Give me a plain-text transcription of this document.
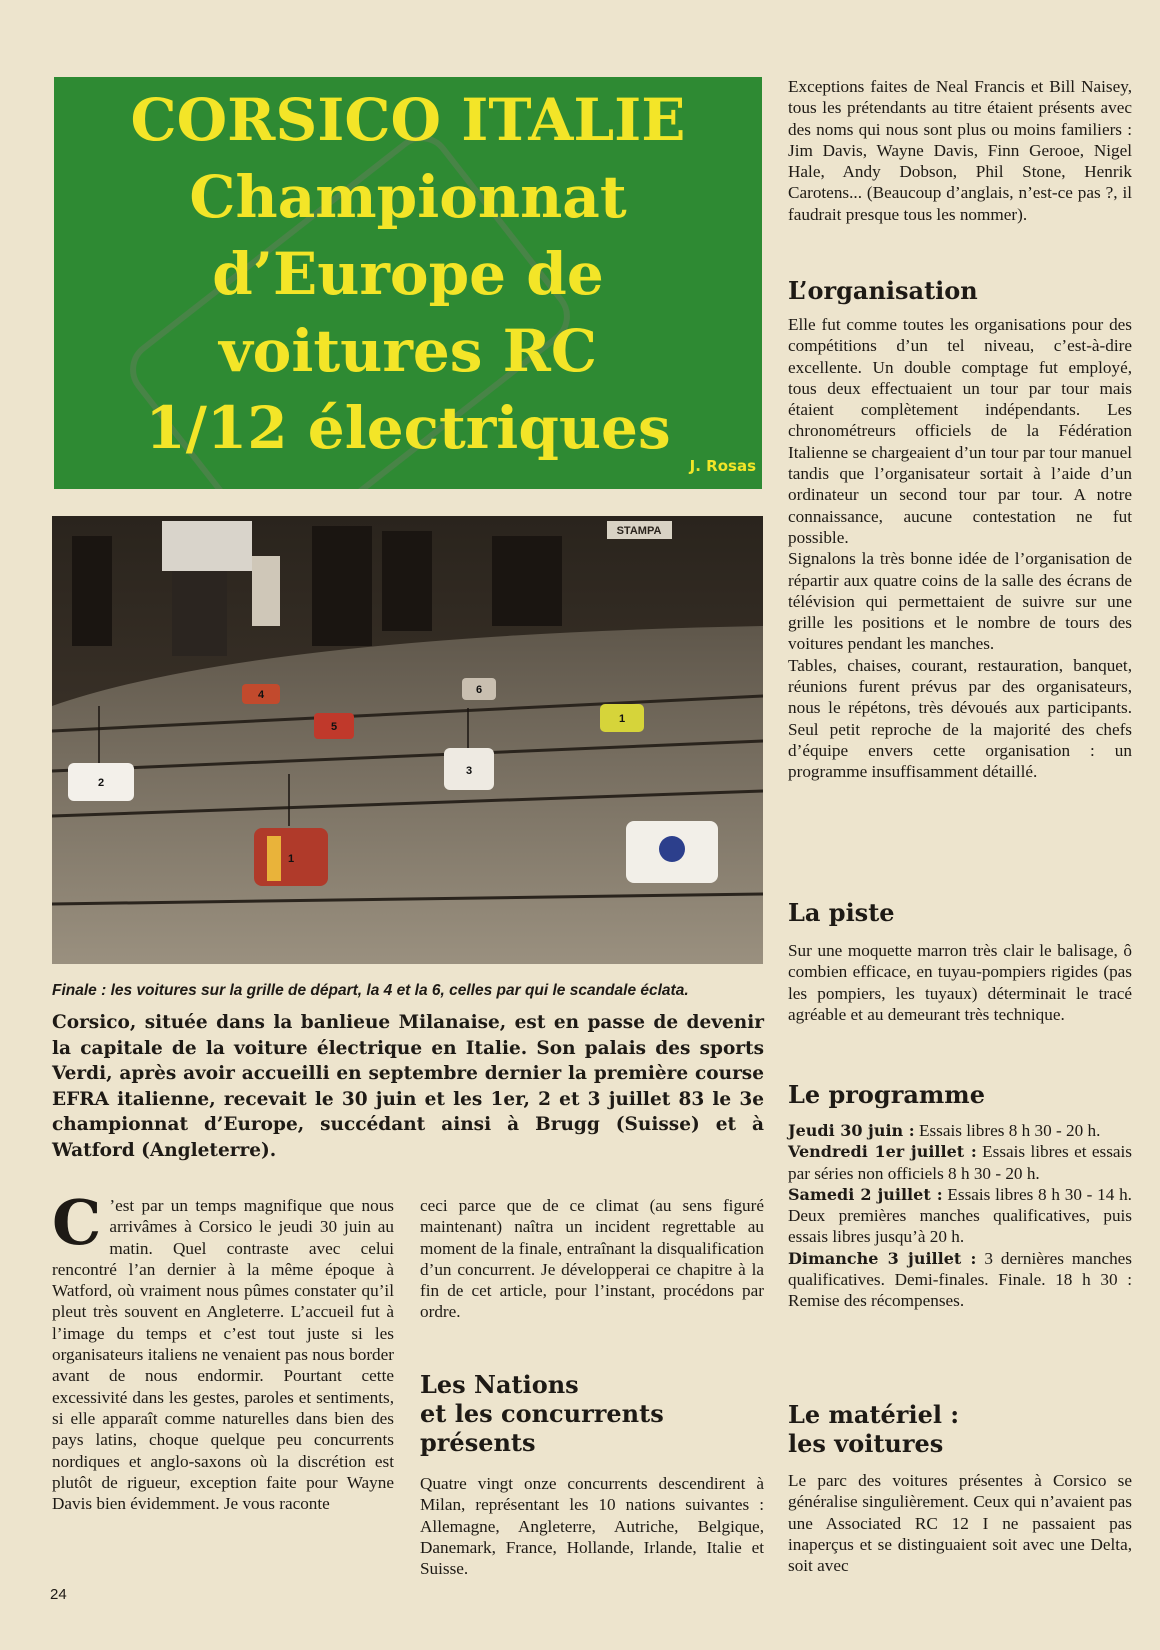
CORSICO ITALIE
Championnat
d’Europe de
voitures RC
1/12 électriques
J. Rosas
STAMPA
4	6
1
5
3
2
1
Finale : les voitures sur la grille de départ, la 4 et la 6, celles par qui le scandale éclata.
Corsico, située dans la banlieue Milanaise, est en passe de devenir la capitale de la voiture électrique en Italie. Son palais des sports Verdi, après avoir accueilli en septembre dernier la première course EFRA italienne, recevait le 30 juin et les 1er, 2 et 3 juillet 83 le 3e championnat d’Europe, succédant ainsi à Brugg (Suisse) et à Watford (Angleterre).
C ’est par un temps magnifique que nous arrivâmes à Corsico le jeudi 30 juin au matin. Quel contraste avec celui rencontré l’an dernier à la même époque à Watford, où vraiment nous pûmes constater qu’il pleut très souvent en Angleterre. L’accueil fut à l’image du temps et c’est tout juste si les organisateurs italiens ne venaient pas nous border avant de nous endormir. Pourtant cette excessivité dans les gestes, paroles et sentiments, si elle apparaît comme naturelles dans bien des pays latins, choque quelque peu concurrents nordiques et anglo-saxons où la discrétion est plutôt de rigueur, exception faite pour Wayne Davis bien évidemment. Je vous raconte
ceci parce que de ce climat (au sens figuré maintenant) naîtra un incident regrettable au moment de la finale, entraînant la disqualification d’un concurrent. Je développerai ce chapitre à la fin de cet article, pour l’instant, procédons par ordre.
Les Nations
et les concurrents
présents
Quatre vingt onze concurrents descendirent à Milan, représentant les 10 nations suivantes : Allemagne, Angleterre, Autriche, Belgique, Danemark, France, Hollande, Irlande, Italie et Suisse.
Exceptions faites de Neal Francis et Bill Naisey, tous les prétendants au titre étaient présents avec des noms qui nous sont plus ou moins familiers : Jim Davis, Wayne Davis, Finn Gerooe, Nigel Hale, Andy Dobson, Phil Stone, Henrik Carotens... (Beaucoup d’anglais, n’est-ce pas ?, il faudrait presque tous les nommer).
L’organisation

Elle fut comme toutes les organisations pour des compétitions d’un tel niveau, c’est-à-dire excellente. Un double comptage fut employé, tous deux effectuaient un tour par tour mais étaient complètement indépendants. Les chronométreurs officiels de la Fédération Italienne se chargeaient d’un tour par tour manuel tandis que l’organisateur sortait à l’aide d’un ordinateur un second tour par tour. A notre connaissance, aucune contestation ne fut possible.

Signalons la très bonne idée de l’organisation de répartir aux quatre coins de la salle des écrans de télévision qui permettaient de suivre sur une grille les positions et le nombre de tours des voitures pendant les manches.

Tables, chaises, courant, restauration, banquet, réunions furent prévus par des organisateurs, nous le répétons, très dévoués aux participants. Seul petit reproche de la majorité des chefs d’équipe envers cette organisation : un programme insuffisamment détaillé.

La piste
Sur une moquette marron très clair le balisage, ô combien efficace, en tuyau-pompiers rigides (pas les pompiers, les tuyaux) déterminait le tracé agréable et au demeurant très technique.
Le programme

Jeudi 30 juin : Essais libres 8 h 30 - 20 h.

Vendredi 1er juillet : Essais libres et essais par séries non officiels 8 h 30 - 20 h.

Samedi 2 juillet : Essais libres 8 h 30 - 14 h. Deux premières manches qualificatives, puis essais libres jusqu’à 20 h.

Dimanche 3 juillet : 3 dernières manches qualificatives. Demi-finales. Finale. 18 h 30 : Remise des récompenses.

Le matériel :
les voitures
Le parc des voitures présentes à Corsico se généralise singulièrement. Ceux qui n’avaient pas une Associated RC 12 I ne passaient pas inaperçus et se distinguaient soit avec une Delta, soit avec
24
